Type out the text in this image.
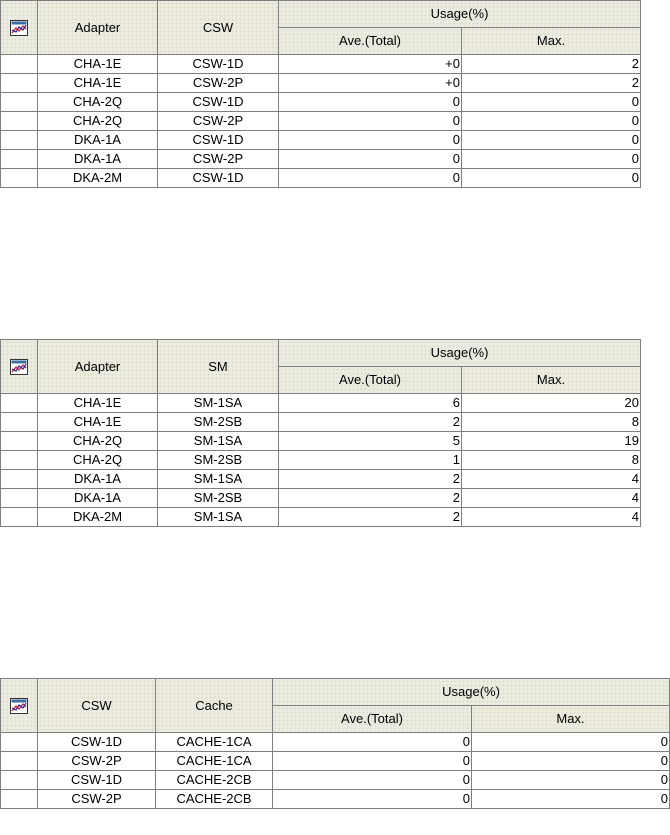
	Adapter	CSW	Usage(%)	
			Ave.(Total)	Max.
	CHA-1E	CSW-1D	+0	2
	CHA-1E	CSW-2P	+0	2
	CHA-2Q	CSW-1D	0	0
	CHA-2Q	CSW-2P	0	0
	DKA-1A	CSW-1D	0	0
	DKA-1A	CSW-2P	0	0
	DKA-2M	CSW-1D	0	0
	Adapter	SM	Usage(%)	
			Ave.(Total)	Max.
	CHA-1E	SM-1SA	6	20
	CHA-1E	SM-2SB	2	8
	CHA-2Q	SM-1SA	5	19
	CHA-2Q	SM-2SB	1	8
	DKA-1A	SM-1SA	2	4
	DKA-1A	SM-2SB	2	4
	DKA-2M	SM-1SA	2	4
	CSW	Cache	Usage(%)	
			Ave.(Total)	Max.
	CSW-1D	CACHE-1CA	0	0
	CSW-2P	CACHE-1CA	0	0
	CSW-1D	CACHE-2CB	0	0
	CSW-2P	CACHE-2CB	0	0
